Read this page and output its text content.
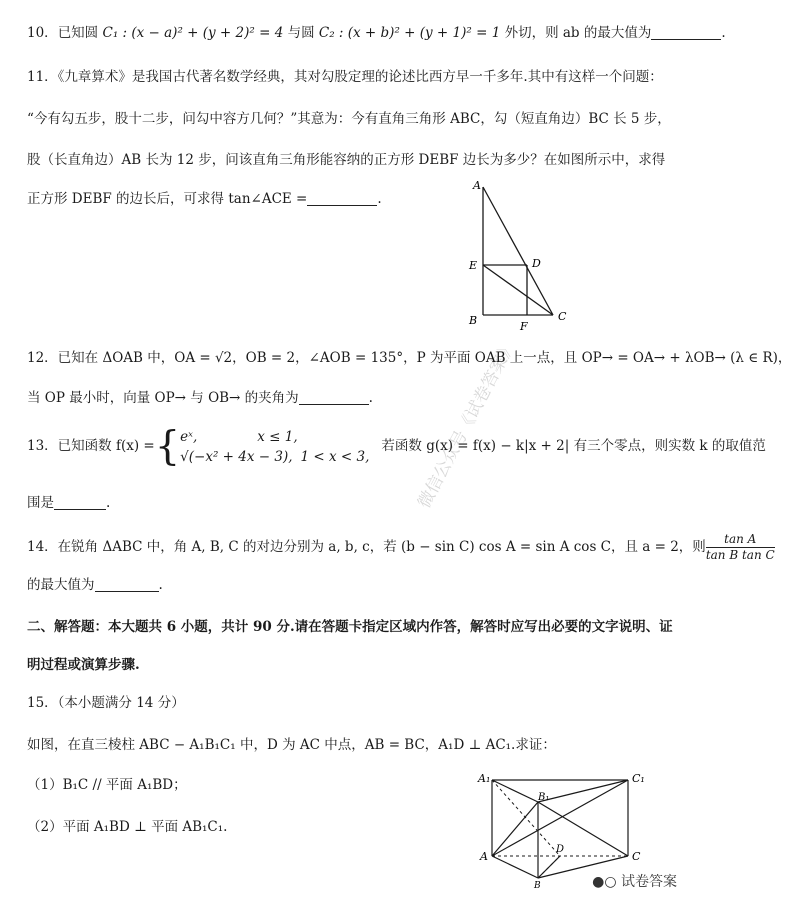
微信公众号《试卷答案》
10．已知圆 C₁ : (x − a)² + (y + 2)² = 4 与圆 C₂ : (x + b)² + (y + 1)² = 1 外切，则 ab 的最大值为	.
11．《九章算术》是我国古代著名数学经典，其对勾股定理的论述比西方早一千多年.其中有这样一个问题：
“今有勾五步，股十二步，问勾中容方几何？”其意为：今有直角三角形 ABC，勾（短直角边）BC 长 5 步，
股（长直角边）AB 长为 12 步，问该直角三角形能容纳的正方形 DEBF 边长为多少？在如图所示中，求得
正方形 DEBF 的边长后，可求得 tan∠ACE =	.
A
E	D
B	F
C
12．已知在 ΔOAB 中，OA = √2，OB = 2，∠AOB = 135°，P 为平面 OAB 上一点，且 OP→ = OA→ + λOB→ (λ ∈ R)，
当 OP 最小时，向量 OP→ 与 OB→ 的夹角为	.
13．已知函数 f(x) ={ eˣ,	x ≤ 1,
√(−x² + 4x − 3), 1 < x < 3,
若函数 g(x) = f(x) − k|x + 2| 有三个零点，则实数 k 的取值范
围是	.
14．在锐角 ΔABC 中，角 A, B, C 的对边分别为 a, b, c，若 (b − sin C) cos A = sin A cos C，且 a = 2，则 $\frac{\text{tan A}}{\text{tan B tan C}}$
的最大值为	.
二、解答题：本大题共 6 小题，共计 90 分.请在答题卡指定区域内作答，解答时应写出必要的文字说明、证
明过程或演算步骤.
15．（本小题满分 14 分）
如图，在直三棱柱 ABC − A₁B₁C₁ 中，D 为 AC 中点，AB = BC，A₁D ⊥ AC₁.求证：
（1）B₁C // 平面 A₁BD；
（2）平面 A₁BD ⊥ 平面 AB₁C₁.
A₁	C₁
B₁
A
D
B
C
●○ 试卷答案
